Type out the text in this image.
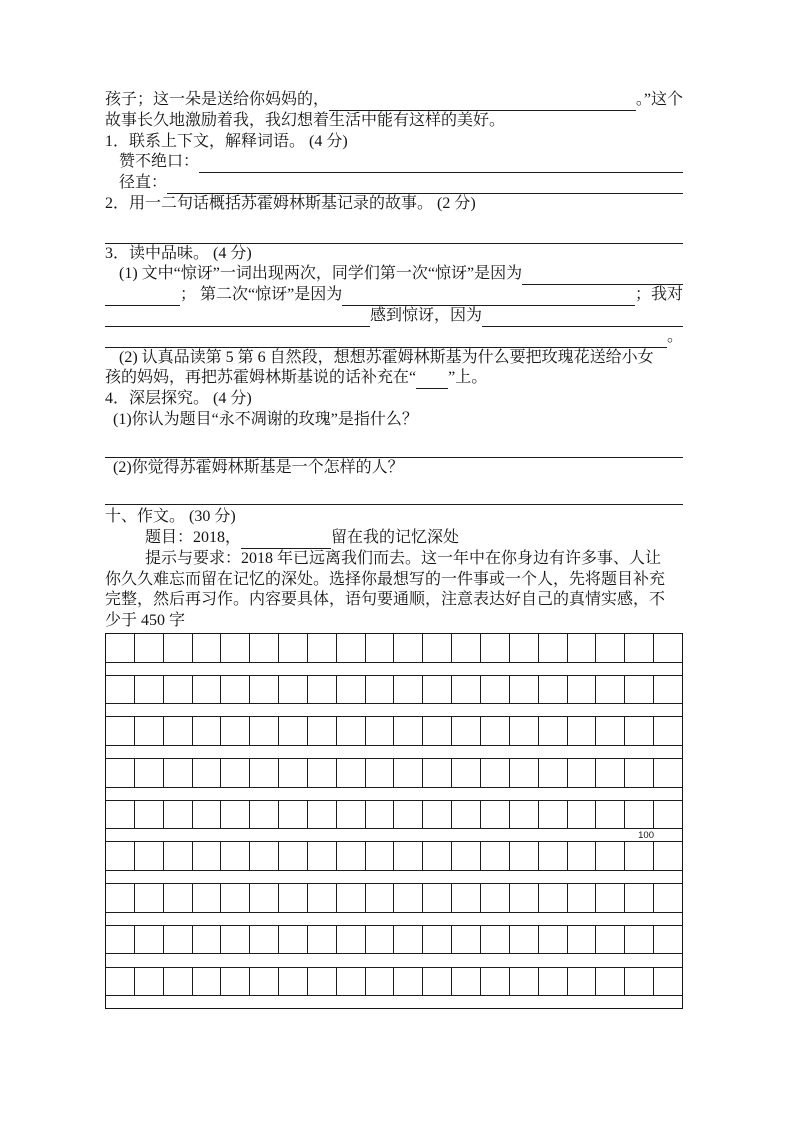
孩子；这一朵是送给你妈妈的，	。”这个
故事长久地激励着我，我幻想着生活中能有这样的美好。
1．联系上下文，解释词语。 (4 分)
赞不绝口：
径直：
2．用一二句话概括苏霍姆林斯基记录的故事。 (2 分)
3．读中品味。 (4 分)
(1) 文中“惊讶”一词出现两次，同学们第一次“惊讶”是因为
； 第二次“惊讶”是因为	；我对
感到惊讶，因为
。
(2) 认真品读第 5 第 6 自然段，想想苏霍姆林斯基为什么要把玫瑰花送给小女
孩的妈妈，再把苏霍姆林斯基说的话补充在“ ”上。
4．深层探究。 (4 分)
(1)你认为题目“永不凋谢的玫瑰”是指什么？
(2)你觉得苏霍姆林斯基是一个怎样的人？
十、作文。 (30 分)
题目：2018，	留在我的记忆深处
提示与要求：2018 年已远离我们而去。这一年中在你身边有许多事、人让
你久久难忘而留在记忆的深处。选择你最想写的一件事或一个人，先将题目补充
完整，然后再习作。内容要具体，语句要通顺，注意表达好自己的真情实感，不
少于 450 字
100
